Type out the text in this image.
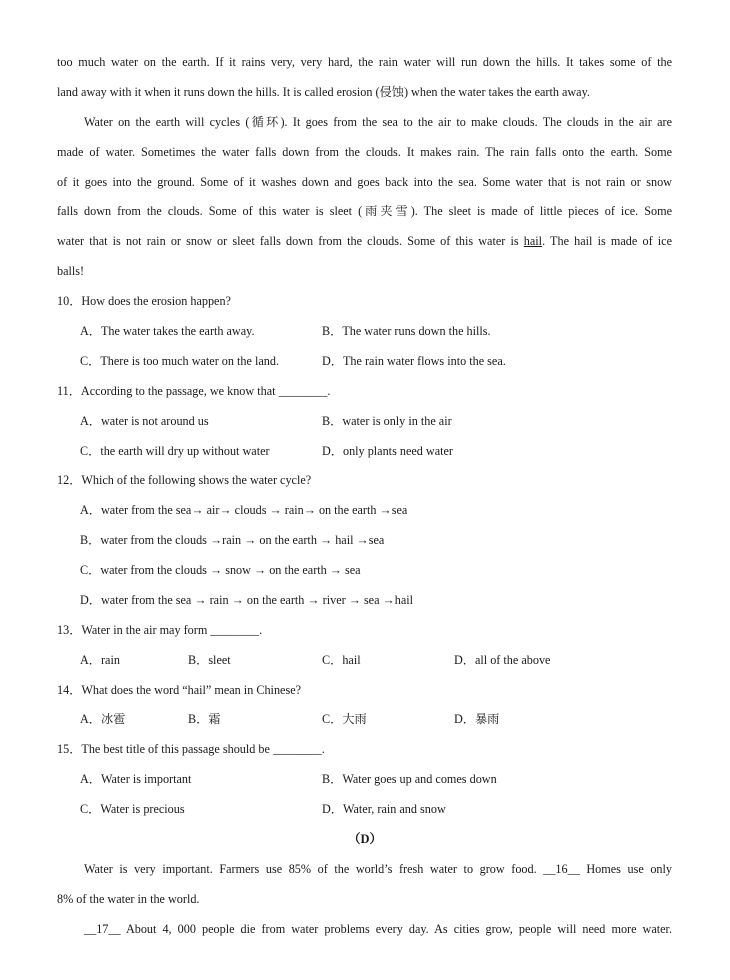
too much water on the earth. If it rains very, very hard, the rain water will run down the hills. It takes some of the
land away with it when it runs down the hills. It is called erosion (侵蚀) when the water takes the earth away.
Water on the earth will cycles (循环). It goes from the sea to the air to make clouds. The clouds in the air are
made of water. Sometimes the water falls down from the clouds. It makes rain. The rain falls onto the earth. Some
of it goes into the ground. Some of it washes down and goes back into the sea. Some water that is not rain or snow
falls down from the clouds. Some of this water is sleet (雨夹雪). The sleet is made of little pieces of ice. Some
water that is not rain or snow or sleet falls down from the clouds. Some of this water is hail. The hail is made of ice
balls!
10．How does the erosion happen?
A．The water takes the earth away.	B．The water runs down the hills.
C．There is too much water on the land.	D．The rain water flows into the sea.
11．According to the passage, we know that ________.
A．water is not around us	B．water is only in the air
C．the earth will dry up without water	D．only plants need water
12．Which of the following shows the water cycle?
A．water from the sea→ air→ clouds → rain→ on the earth →sea
B．water from the clouds →rain → on the earth → hail →sea
C．water from the clouds → snow → on the earth → sea
D．water from the sea → rain → on the earth → river → sea →hail
13．Water in the air may form ________.
A．rain	B．sleet	C．hail	D．all of the above
14．What does the word “hail” mean in Chinese?
A．冰雹	B．霜	C．大雨	D．暴雨
15．The best title of this passage should be ________.
A．Water is important	B．Water goes up and comes down
C．Water is precious	D．Water, rain and snow
（D）
Water is very important. Farmers use 85% of the world’s fresh water to grow food. __16__ Homes use only
8% of the water in the world.
__17__ About 4, 000 people die from water problems every day. As cities grow, people will need more water.
